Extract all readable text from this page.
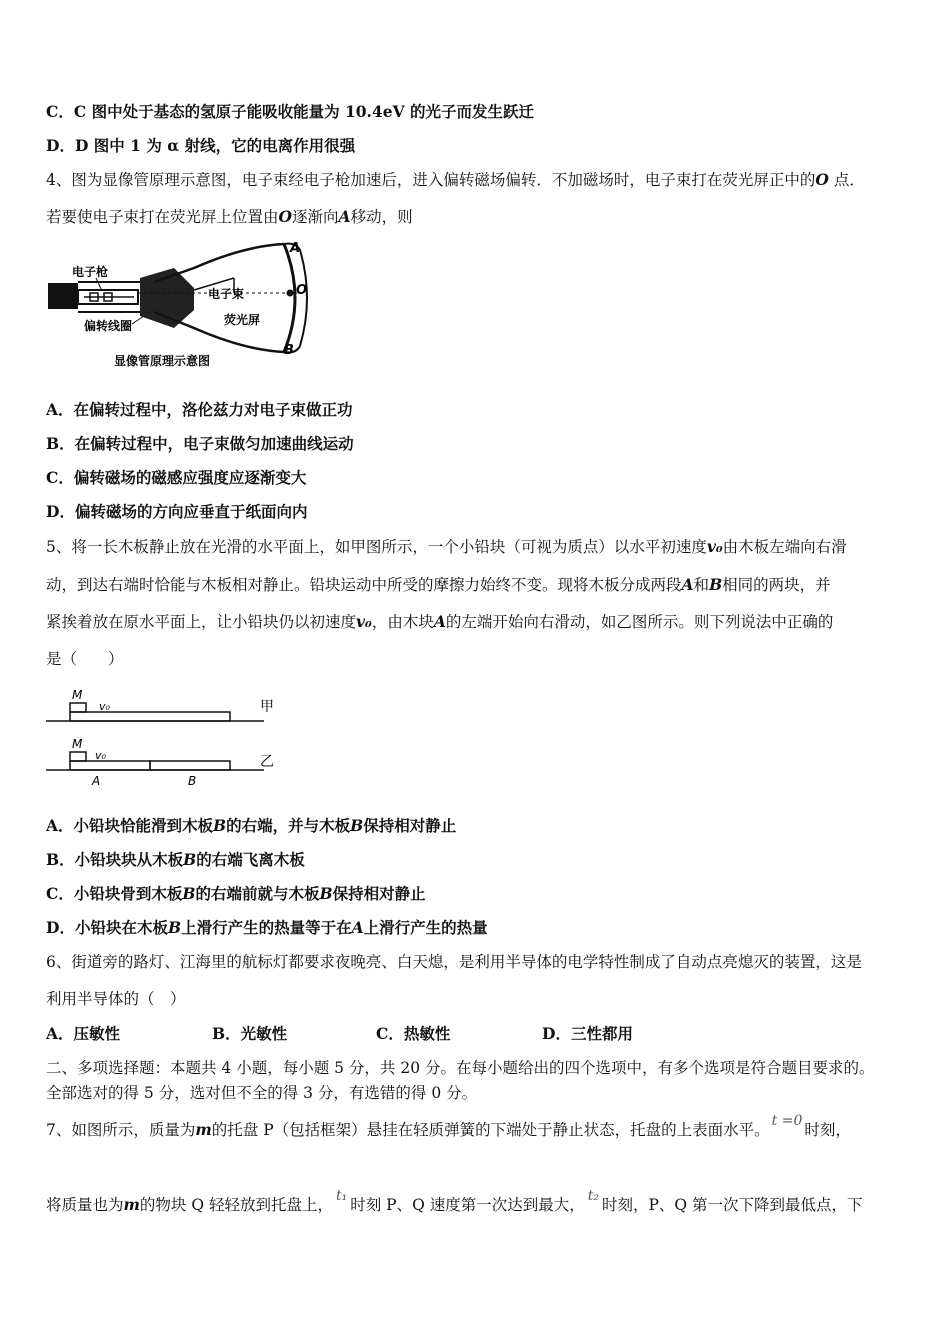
C．C 图中处于基态的氢原子能吸收能量为 10.4eV 的光子而发生跃迁
D．D 图中 1 为 α 射线，它的电离作用很强
4、图为显像管原理示意图，电子束经电子枪加速后，进入偏转磁场偏转．不加磁场时，电子束打在荧光屏正中的O 点．
若要使电子束打在荧光屏上位置由O逐渐向A移动，则
电子枪
偏转线圈
电子束
荧光屏
显像管原理示意图
A
O
B
A．在偏转过程中，洛伦兹力对电子束做正功
B．在偏转过程中，电子束做匀加速曲线运动
C．偏转磁场的磁感应强度应逐渐变大
D．偏转磁场的方向应垂直于纸面向内
5、将一长木板静止放在光滑的水平面上，如甲图所示，一个小铅块（可视为质点）以水平初速度v₀由木板左端向右滑
动，到达右端时恰能与木板相对静止。铅块运动中所受的摩擦力始终不变。现将木板分成两段A和B相同的两块，并
紧挨着放在原水平面上，让小铅块仍以初速度v₀，由木块A的左端开始向右滑动，如乙图所示。则下列说法中正确的
是（　　）
M
v₀	甲
M
v₀	乙
A	B
A．小铅块恰能滑到木板B的右端，并与木板B保持相对静止
B．小铅块块从木板B的右端飞离木板
C．小铅块骨到木板B的右端前就与木板B保持相对静止
D．小铅块在木板B上滑行产生的热量等于在A上滑行产生的热量
6、街道旁的路灯、江海里的航标灯都要求夜晚亮、白天熄，是利用半导体的电学特性制成了自动点亮熄灭的装置，这是
利用半导体的（　）
A．压敏性	B．光敏性	C．热敏性	D．三性都用
二、多项选择题：本题共 4 小题，每小题 5 分，共 20 分。在每小题给出的四个选项中，有多个选项是符合题目要求的。
全部选对的得 5 分，选对但不全的得 3 分，有选错的得 0 分。
7、如图所示，质量为m的托盘 P（包括框架）悬挂在轻质弹簧的下端处于静止状态，托盘的上表面水平。 t =0 时刻，
将质量也为m的物块 Q 轻轻放到托盘上， t₁ 时刻 P、Q 速度第一次达到最大， t₂ 时刻，P、Q 第一次下降到最低点，下
